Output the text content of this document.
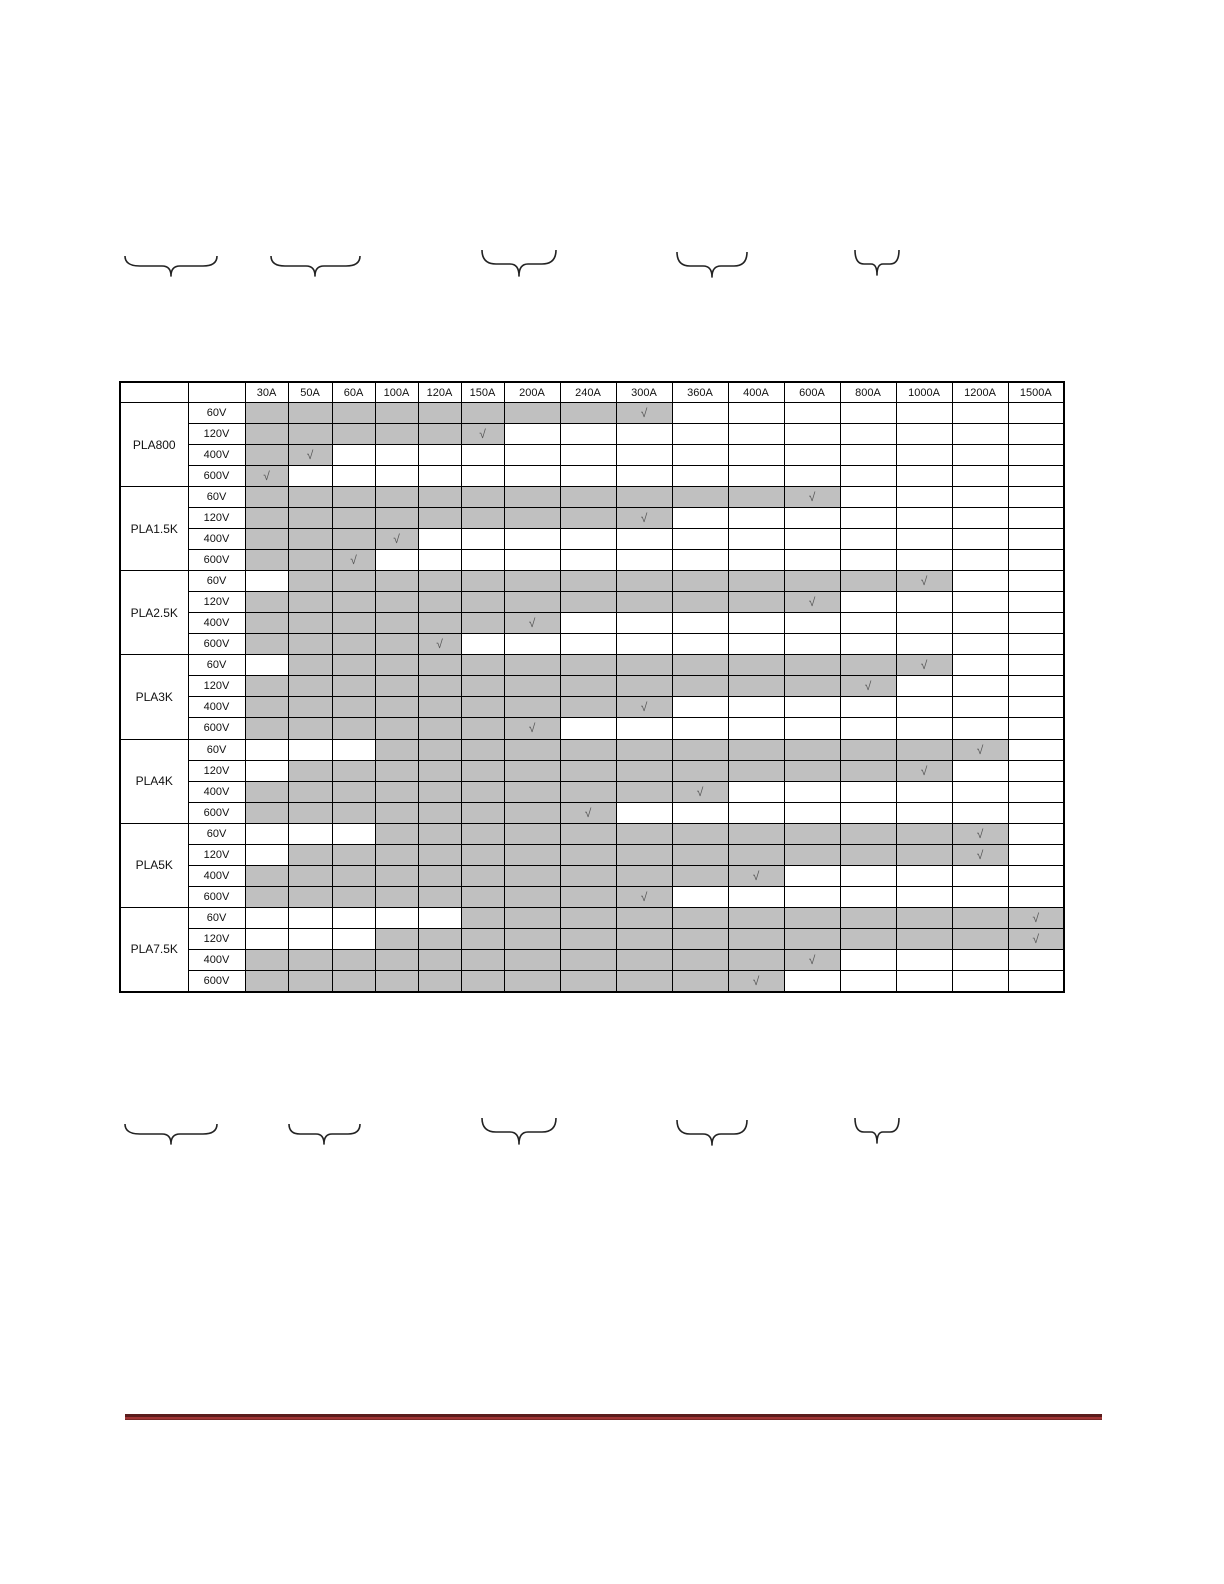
		30A	50A	60A	100A	120A	150A	200A	240A	300A	360A	400A	600A	800A	1000A	1200A	1500A
PLA800	60V									√							
	120V						√										
	400V		√														
	600V	√															
PLA1.5K	60V												√				
	120V									√							
	400V				√												
	600V			√													
PLA2.5K	60V														√		
	120V												√				
	400V							√									
	600V					√											
PLA3K	60V														√		
	120V													√			
	400V									√							
	600V							√									
PLA4K	60V															√	
	120V														√		
	400V										√						
	600V								√								
PLA5K	60V															√	
	120V															√	
	400V											√					
	600V									√							
PLA7.5K	60V																√
	120V																√
	400V												√				
	600V											√					
